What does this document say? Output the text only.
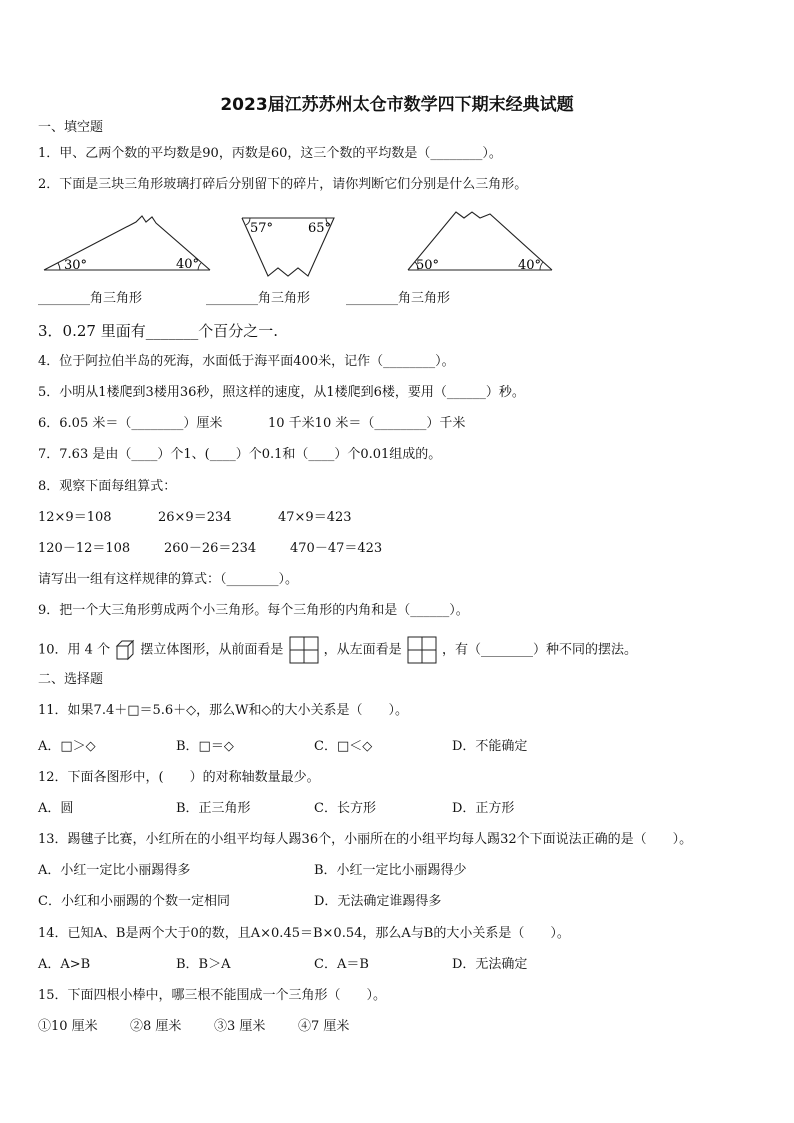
2023届江苏苏州太仓市数学四下期末经典试题
一、填空题
1．甲、乙两个数的平均数是90，丙数是60，这三个数的平均数是（________）。
2．下面是三块三角形玻璃打碎后分别留下的碎片，请你判断它们分别是什么三角形。
30°	40°
57°	65°
50°	40°
________角三角形	________角三角形	________角三角形
3．0.27 里面有_______个百分之一.
4．位于阿拉伯半岛的死海，水面低于海平面400米，记作（________）。
5．小明从1楼爬到3楼用36秒，照这样的速度，从1楼爬到6楼，要用（______）秒。
6．6.05 米＝（________）厘米	10 千米10 米＝（________）千米
7．7.63 是由（____）个1、(____）个0.1和（____）个0.01组成的。
8．观察下面每组算式：
12×9＝108	26×9＝234	47×9＝423
120－12＝108	260－26＝234	470－47＝423
请写出一组有这样规律的算式：（________）。
9．把一个大三角形剪成两个小三角形。每个三角形的内角和是（______）。
10．用 4 个 摆立体图形，从前面看是	，从左面看是	，有（________）种不同的摆法。
二、选择题
11．如果7.4＋□＝5.6＋◇，那么W和◇的大小关系是（　　）。
A．□＞◇	B．□＝◇	C．□＜◇	D．不能确定
12．下面各图形中，(　　）的对称轴数量最少。
A．圆	B．正三角形	C．长方形	D．正方形
13．踢毽子比赛，小红所在的小组平均每人踢36个，小丽所在的小组平均每人踢32个下面说法正确的是（　　）。
A．小红一定比小丽踢得多	B．小红一定比小丽踢得少
C．小红和小丽踢的个数一定相同	D．无法确定谁踢得多
14．已知A、B是两个大于0的数，且A×0.45＝B×0.54，那么A与B的大小关系是（　　）。
A．A>B	B．B＞A	C．A＝B	D．无法确定
15．下面四根小棒中，哪三根不能围成一个三角形（　　）。
①10 厘米 ②8 厘米	③3 厘米	④7 厘米
